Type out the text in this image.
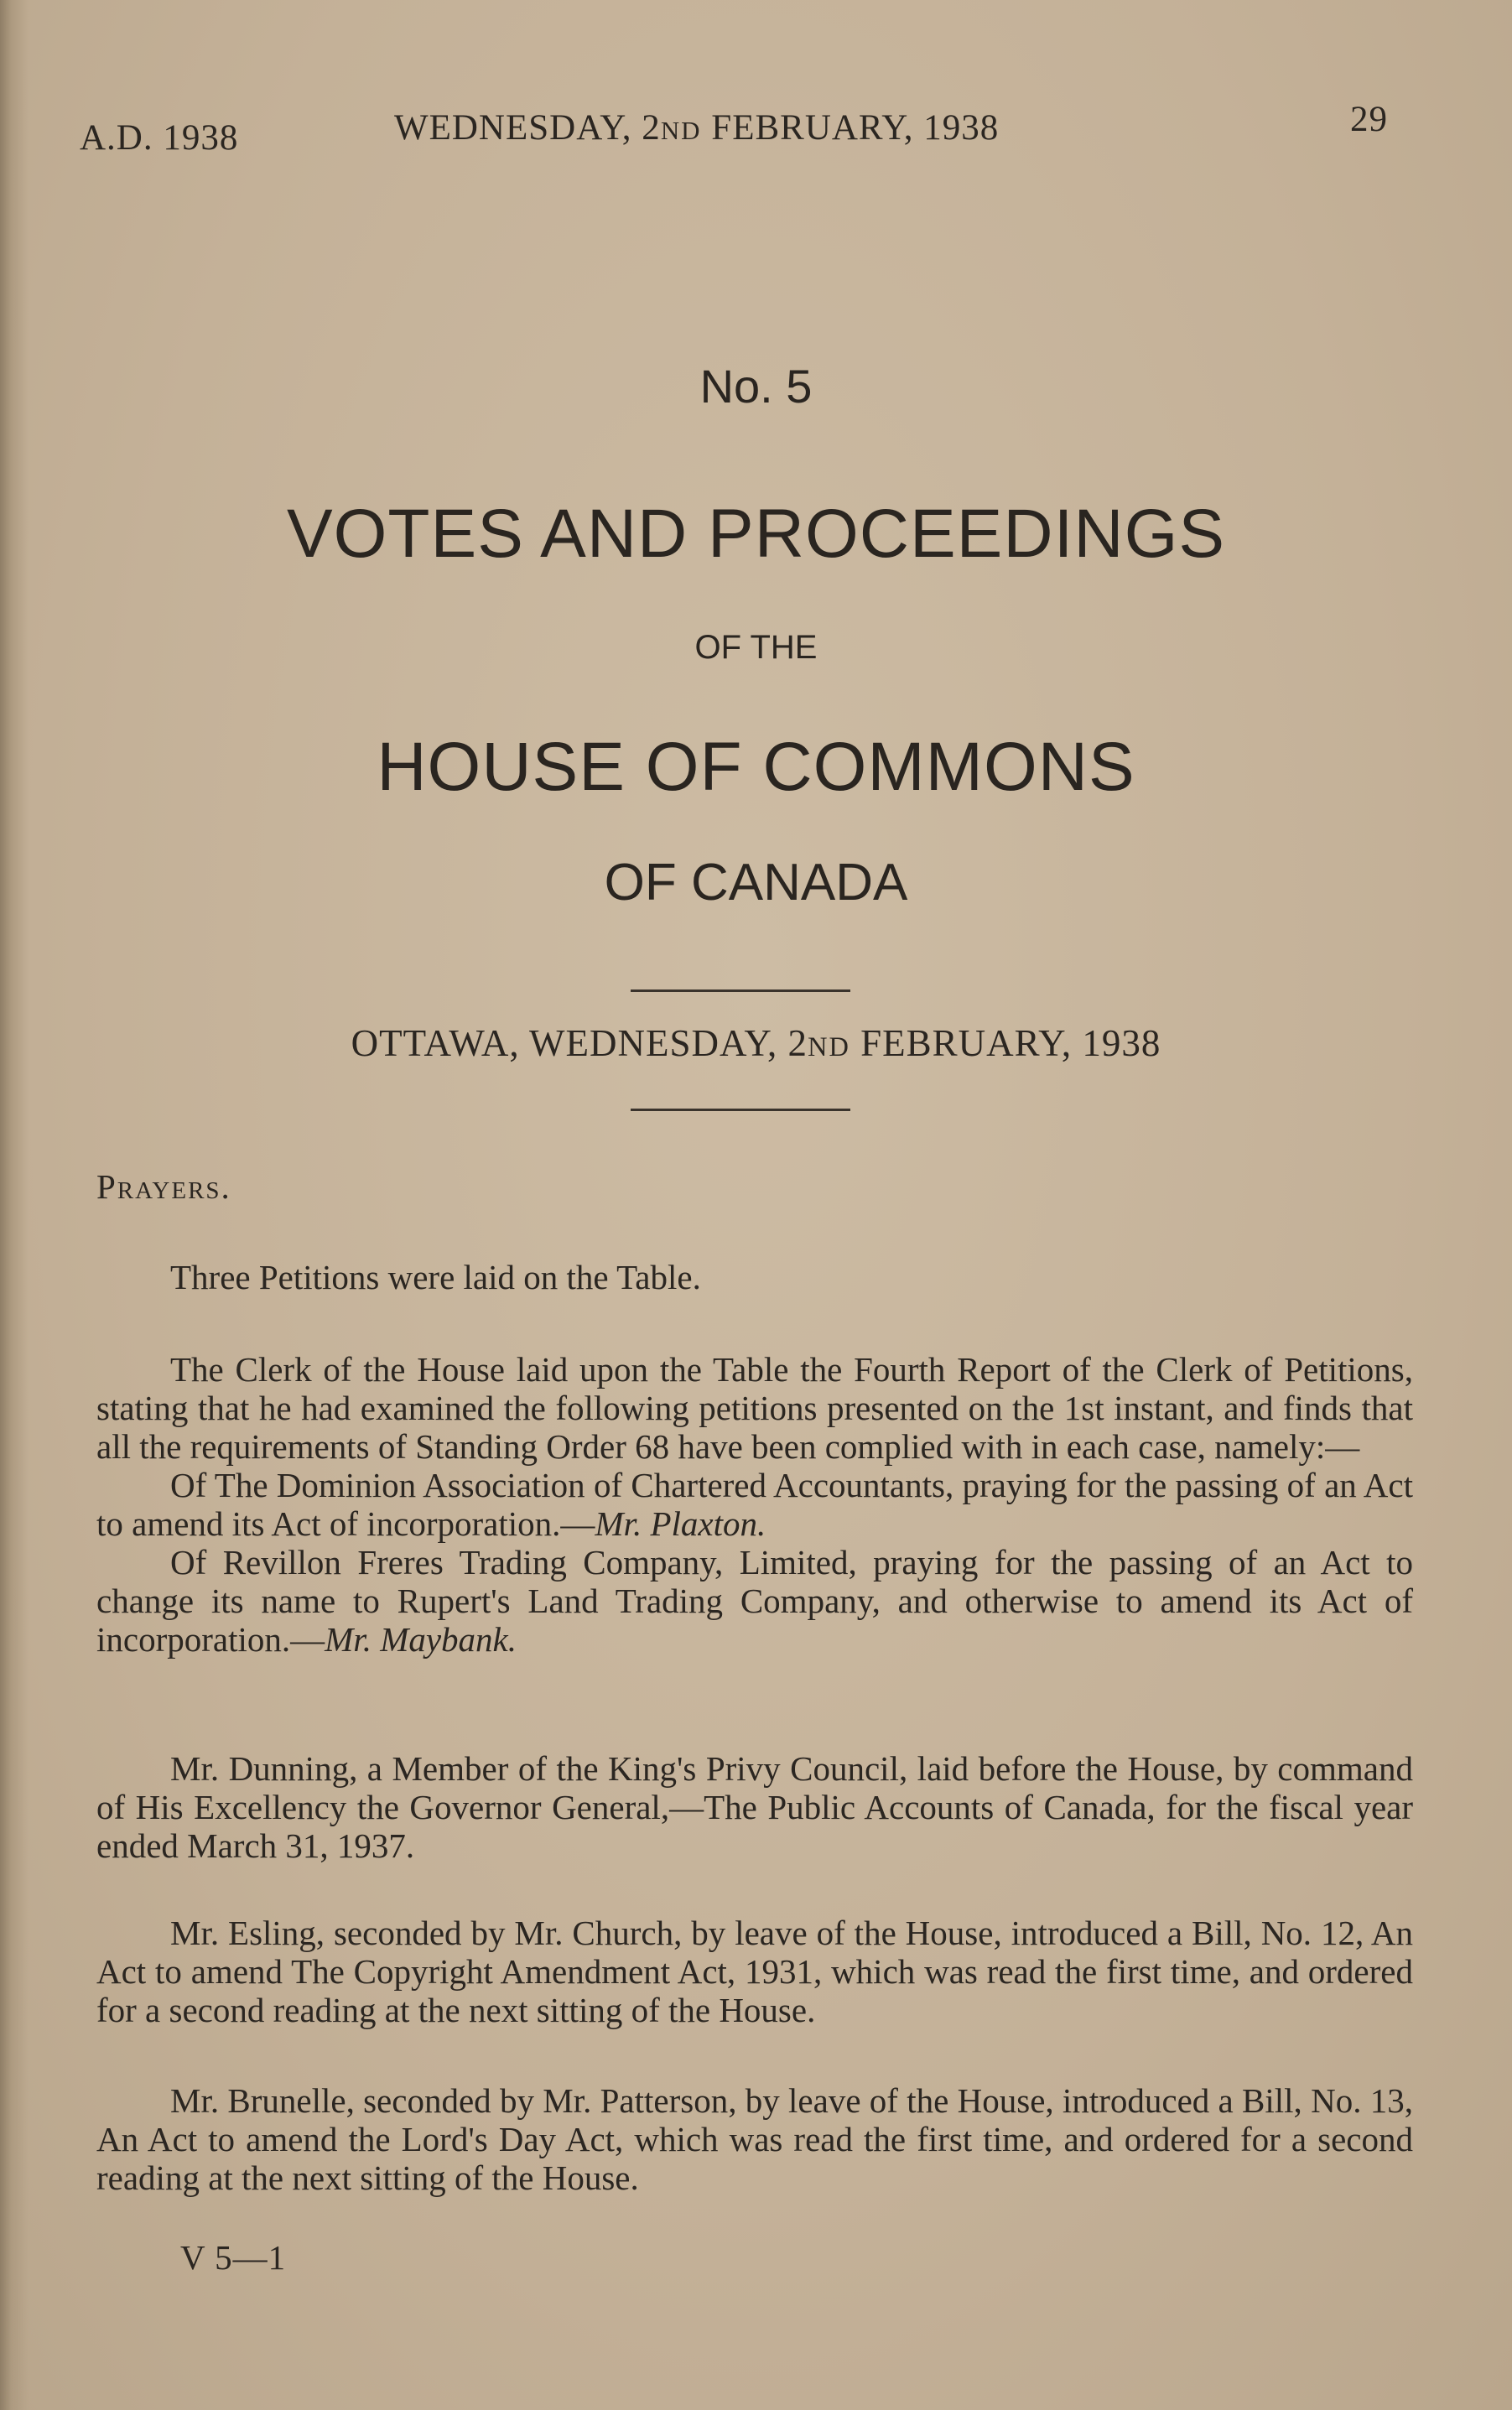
A.D. 1938	WEDNESDAY, 2ND FEBRUARY, 1938	29
No. 5
VOTES AND PROCEEDINGS
OF THE
HOUSE OF COMMONS
OF CANADA
OTTAWA, WEDNESDAY, 2ND FEBRUARY, 1938
Prayers.

Three Petitions were laid on the Table.

The Clerk of the House laid upon the Table the Fourth Report of the Clerk of Petitions, stating that he had examined the following petitions presented on the 1st instant, and finds that all the requirements of Standing Order 68 have been complied with in each case, namely:—

Of The Dominion Association of Chartered Accountants, praying for the passing of an Act to amend its Act of incorporation.—Mr. Plaxton.

Of Revillon Freres Trading Company, Limited, praying for the passing of an Act to change its name to Rupert's Land Trading Company, and otherwise to amend its Act of incorporation.—Mr. Maybank.

Mr. Dunning, a Member of the King's Privy Council, laid before the House, by command of His Excellency the Governor General,—The Public Accounts of Canada, for the fiscal year ended March 31, 1937.

Mr. Esling, seconded by Mr. Church, by leave of the House, introduced a Bill, No. 12, An Act to amend The Copyright Amendment Act, 1931, which was read the first time, and ordered for a second reading at the next sitting of the House.

Mr. Brunelle, seconded by Mr. Patterson, by leave of the House, introduced a Bill, No. 13, An Act to amend the Lord's Day Act, which was read the first time, and ordered for a second reading at the next sitting of the House.

V 5—1
